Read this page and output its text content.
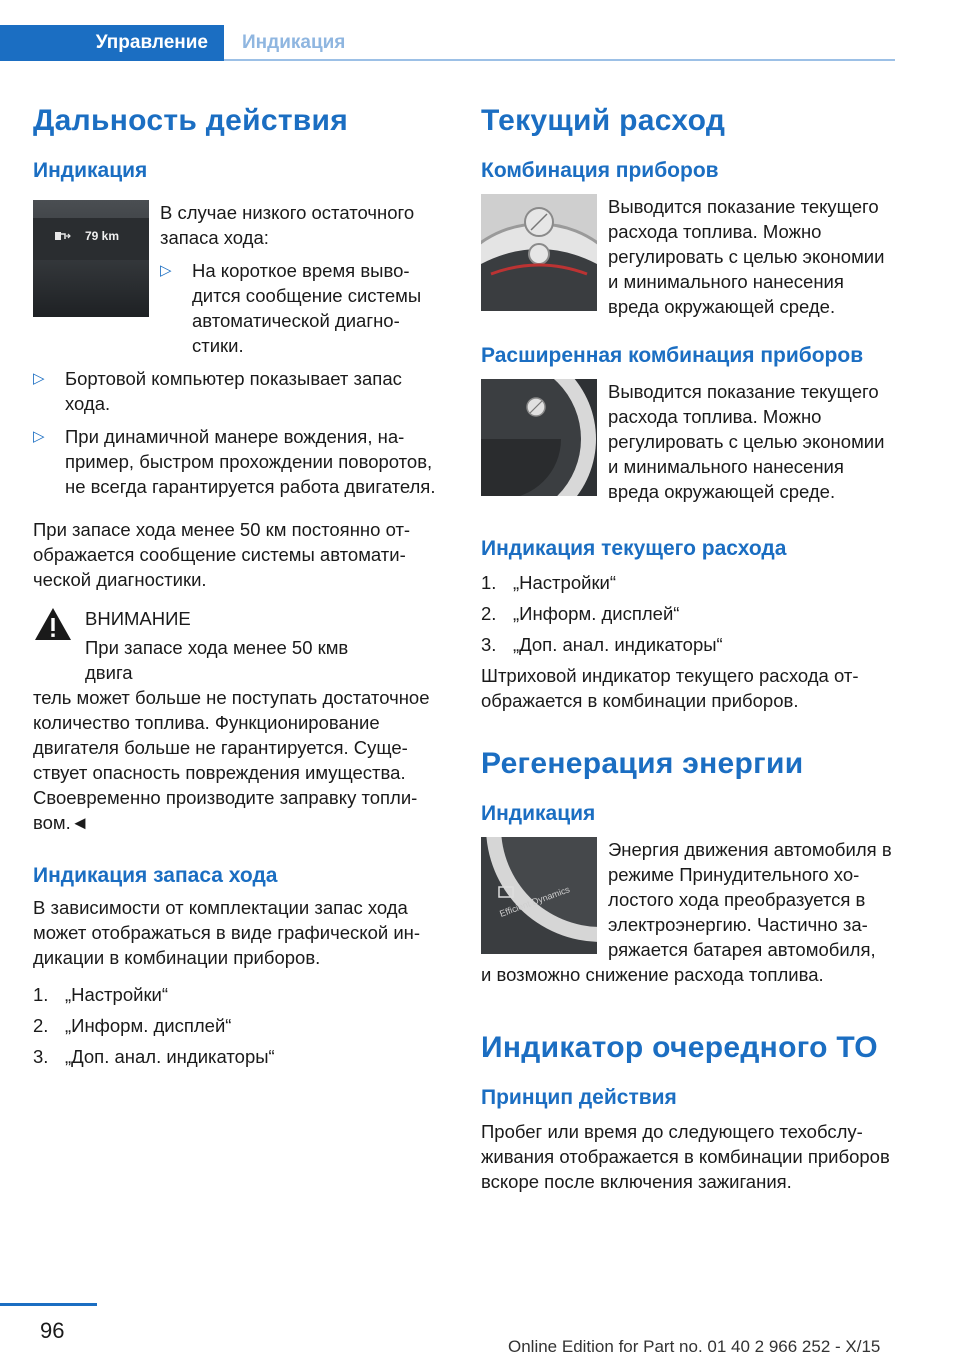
Управление Индикация
Дальность действия
Индикация
79 km
В случае низкого остаточного запаса хода:
▷	На короткое время выводится сообщение системы автоматической диагностики.
▷	Бортовой компьютер показывает запас хода.
▷	При динамичной манере вождения, например, быстром прохождении поворотов, не всегда гарантируется работа двигателя.
При запасе хода менее 50 км постоянно отображается сообщение системы автоматической диагностики.
ВНИМАНИЕ
При запасе хода менее 50 кмв двига
тель может больше не поступать достаточное количество топлива. Функционирование двигателя больше не гарантируется. Существует опасность повреждения имущества. Своевременно производите заправку топливом.◄
Индикация запаса хода
В зависимости от комплектации запас хода может отображаться в виде графической индикации в комбинации приборов.
1. „Настройки“
2. „Информ. дисплей“
3. „Доп. анал. индикаторы“
Текущий расход
Комбинация приборов
Выводится показание текущего расхода топлива. Можно регулировать с целью экономии и минимального нанесения вреда окружающей среде.
Расширенная комбинация приборов
Выводится показание текущего расхода топлива. Можно регулировать с целью экономии и минимального нанесения вреда окружающей среде.
Индикация текущего расхода
1. „Настройки“
2. „Информ. дисплей“
3. „Доп. анал. индикаторы“
Штриховой индикатор текущего расхода отображается в комбинации приборов.
Регенерация энергии
Индикация
Efficient Dynamics
Энергия движения автомобиля в режиме Принудительного холостого хода преобразуется в электроэнергию. Частично заряжается батарея автомобиля,
и возможно снижение расхода топлива.
Индикатор очередного ТО
Принцип действия
Пробег или время до следующего техобслуживания отображается в комбинации приборов вскоре после включения зажигания.
96
Online Edition for Part no. 01 40 2 966 252 - X/15
